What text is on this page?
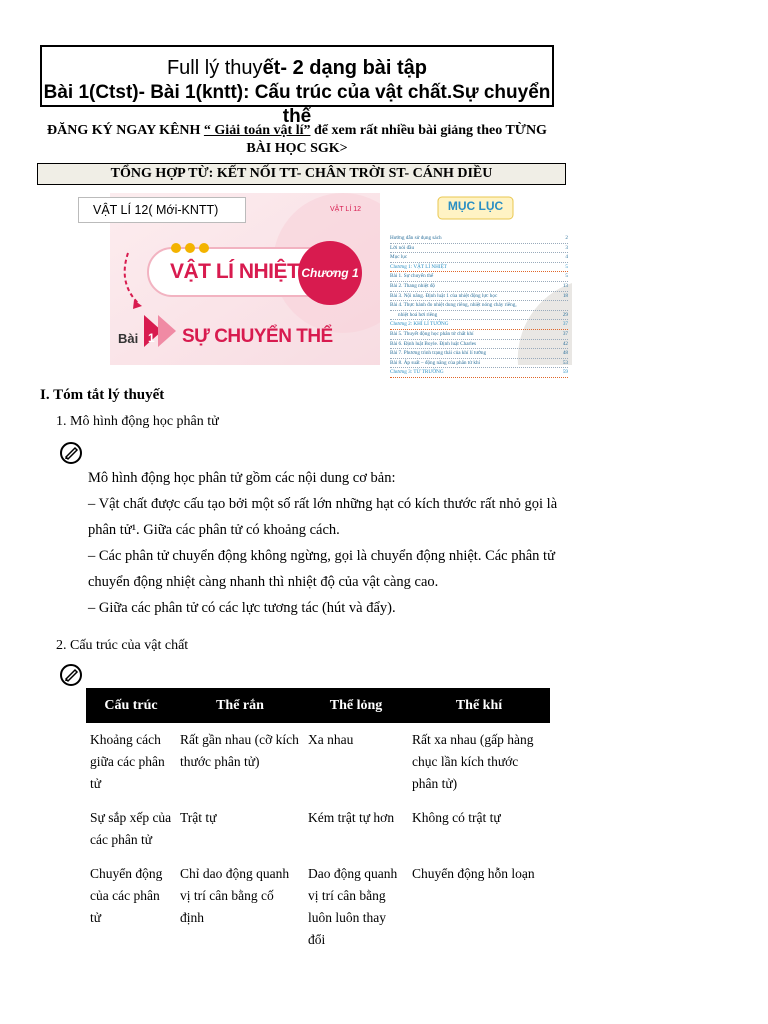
Full lý thuyết- 2 dạng bài tập
Bài 1(Ctst)- Bài 1(kntt): Cấu trúc của vật chất.Sự chuyển thể
ĐĂNG KÝ NGAY KÊNH “ Giải toán vật lí” để xem rất nhiều bài giảng theo TỪNG BÀI HỌC SGK>
TỔNG HỢP TỪ: KẾT NỐI TT- CHÂN TRỜI ST- CÁNH DIỀU
VẬT LÍ 12( Mới-KNTT)	VẬT LÍ 12
VẬT LÍ NHIỆT Chương 1
Bài 1 SỰ CHUYỂN THỂ
MỤC LỤC
Hướng dẫn sử dụng sách	2
Lời nói đầu	3
Mục lục	4
Chương 1: VẬT LÍ NHIỆT	5
Bài 1. Sự chuyển thể	5
Bài 2. Thang nhiệt độ	13
Bài 3. Nội năng. Định luật 1 của nhiệt động lực học	18
Bài 4. Thực hành đo nhiệt dung riêng, nhiệt nóng chảy riêng,
nhiệt hoá hơi riêng	29
Chương 2: KHÍ LÍ TƯỞNG	37
Bài 5. Thuyết động học phân tử chất khí	37
Bài 6. Định luật Boyle. Định luật Charles	42
Bài 7. Phương trình trạng thái của khí lí tưởng	48
Bài 8. Áp suất – động năng của phân tử khí	53
Chương 3: TỪ TRƯỜNG	59
I. Tóm tắt lý thuyết
1. Mô hình động học phân tử
Mô hình động học phân tử gồm các nội dung cơ bản:
– Vật chất được cấu tạo bởi một số rất lớn những hạt có kích thước rất nhỏ gọi là phân tử¹. Giữa các phân tử có khoảng cách.
– Các phân tử chuyển động không ngừng, gọi là chuyển động nhiệt. Các phân tử chuyển động nhiệt càng nhanh thì nhiệt độ của vật càng cao.
– Giữa các phân tử có các lực tương tác (hút và đẩy).
2. Cấu trúc của vật chất
Cấu trúc	Thể rắn	Thể lỏng	Thể khí
Khoảng cách giữa các phân tử	Rất gần nhau (cỡ kích thước phân tử)	Xa nhau	Rất xa nhau (gấp hàng chục lần kích thước phân tử)
Sự sắp xếp của các phân tử	Trật tự	Kém trật tự hơn	Không có trật tự
Chuyển động của các phân tử	Chỉ dao động quanh vị trí cân bằng cố định	Dao động quanh vị trí cân bằng luôn luôn thay đổi	Chuyển động hỗn loạn
